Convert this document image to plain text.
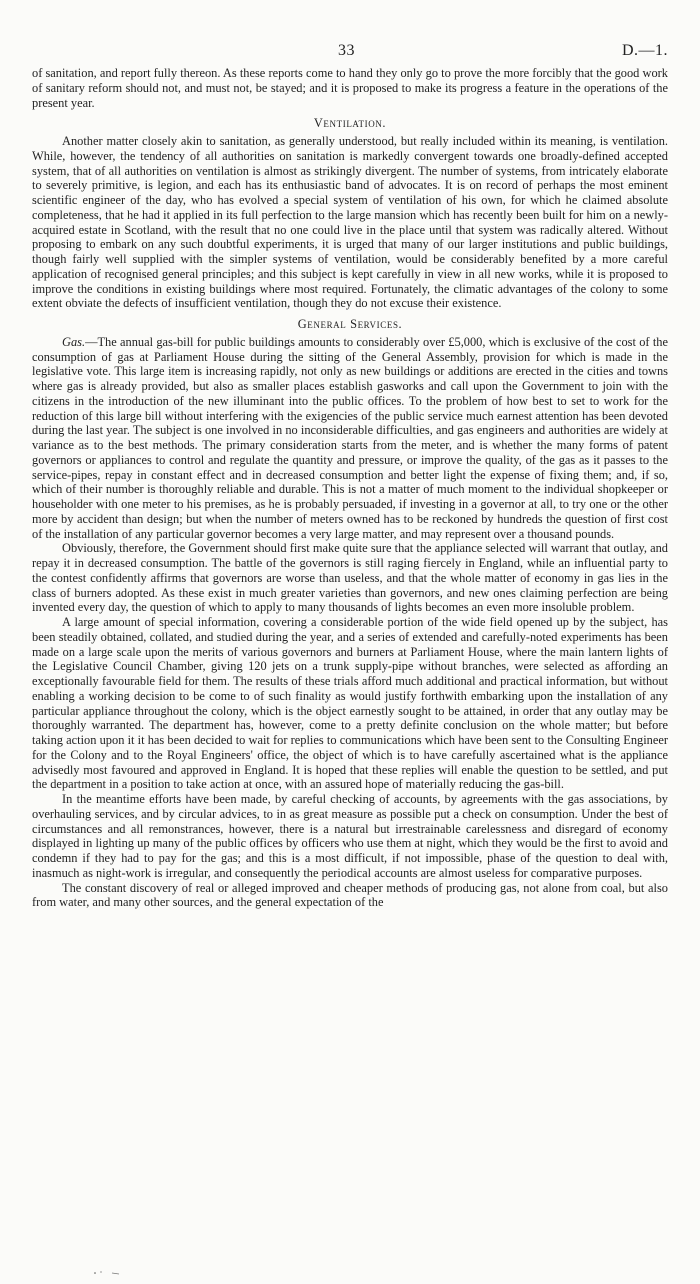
33	D.—1.

of sanitation, and report fully thereon. As these reports come to hand they only go to prove the more forcibly that the good work of sanitary reform should not, and must not, be stayed; and it is proposed to make its progress a feature in the operations of the present year.

Ventilation.

Another matter closely akin to sanitation, as generally understood, but really included within its meaning, is ventilation. While, however, the tendency of all authorities on sanitation is markedly convergent towards one broadly-defined accepted system, that of all authorities on ventilation is almost as strikingly divergent. The number of systems, from intricately elaborate to severely primitive, is legion, and each has its enthusiastic band of advocates. It is on record of perhaps the most eminent scientific engineer of the day, who has evolved a special system of ventilation of his own, for which he claimed absolute completeness, that he had it applied in its full perfection to the large mansion which has recently been built for him on a newly-acquired estate in Scotland, with the result that no one could live in the place until that system was radically altered. Without proposing to embark on any such doubtful experiments, it is urged that many of our larger institutions and public buildings, though fairly well supplied with the simpler systems of ventilation, would be considerably benefited by a more careful application of recognised general principles; and this subject is kept carefully in view in all new works, while it is proposed to improve the conditions in existing buildings where most required. Fortunately, the climatic advantages of the colony to some extent obviate the defects of insufficient ventilation, though they do not excuse their existence.

General Services.

Gas.—The annual gas-bill for public buildings amounts to considerably over £5,000, which is exclusive of the cost of the consumption of gas at Parliament House during the sitting of the General Assembly, provision for which is made in the legislative vote. This large item is increasing rapidly, not only as new buildings or additions are erected in the cities and towns where gas is already provided, but also as smaller places establish gasworks and call upon the Government to join with the citizens in the introduction of the new illuminant into the public offices. To the problem of how best to set to work for the reduction of this large bill without interfering with the exigencies of the public service much earnest attention has been devoted during the last year. The subject is one involved in no inconsiderable difficulties, and gas engineers and authorities are widely at variance as to the best methods. The primary consideration starts from the meter, and is whether the many forms of patent governors or appliances to control and regulate the quantity and pressure, or improve the quality, of the gas as it passes to the service-pipes, repay in constant effect and in decreased consumption and better light the expense of fixing them; and, if so, which of their number is thoroughly reliable and durable. This is not a matter of much moment to the individual shopkeeper or householder with one meter to his premises, as he is probably persuaded, if investing in a governor at all, to try one or the other more by accident than design; but when the number of meters owned has to be reckoned by hundreds the question of first cost of the installation of any particular governor becomes a very large matter, and may represent over a thousand pounds.

Obviously, therefore, the Government should first make quite sure that the appliance selected will warrant that outlay, and repay it in decreased consumption. The battle of the governors is still raging fiercely in England, while an influential party to the contest confidently affirms that governors are worse than useless, and that the whole matter of economy in gas lies in the class of burners adopted. As these exist in much greater varieties than governors, and new ones claiming perfection are being invented every day, the question of which to apply to many thousands of lights becomes an even more insoluble problem.

A large amount of special information, covering a considerable portion of the wide field opened up by the subject, has been steadily obtained, collated, and studied during the year, and a series of extended and carefully-noted experiments has been made on a large scale upon the merits of various governors and burners at Parliament House, where the main lantern lights of the Legislative Council Chamber, giving 120 jets on a trunk supply-pipe without branches, were selected as affording an exceptionally favourable field for them. The results of these trials afford much additional and practical information, but without enabling a working decision to be come to of such finality as would justify forthwith embarking upon the installation of any particular appliance throughout the colony, which is the object earnestly sought to be attained, in order that any outlay may be thoroughly warranted. The department has, however, come to a pretty definite conclusion on the whole matter; but before taking action upon it it has been decided to wait for replies to communications which have been sent to the Consulting Engineer for the Colony and to the Royal Engineers' office, the object of which is to have carefully ascertained what is the appliance advisedly most favoured and approved in England. It is hoped that these replies will enable the question to be settled, and put the department in a position to take action at once, with an assured hope of materially reducing the gas-bill.

In the meantime efforts have been made, by careful checking of accounts, by agreements with the gas associations, by overhauling services, and by circular advices, to in as great measure as possible put a check on consumption. Under the best of circumstances and all remonstrances, however, there is a natural but irrestrainable carelessness and disregard of economy displayed in lighting up many of the public offices by officers who use them at night, which they would be the first to avoid and condemn if they had to pay for the gas; and this is a most difficult, if not impossible, phase of the question to deal with, inasmuch as night-work is irregular, and consequently the periodical accounts are almost useless for comparative purposes.

The constant discovery of real or alleged improved and cheaper methods of producing gas, not alone from coal, but also from water, and many other sources, and the general expectation of the
